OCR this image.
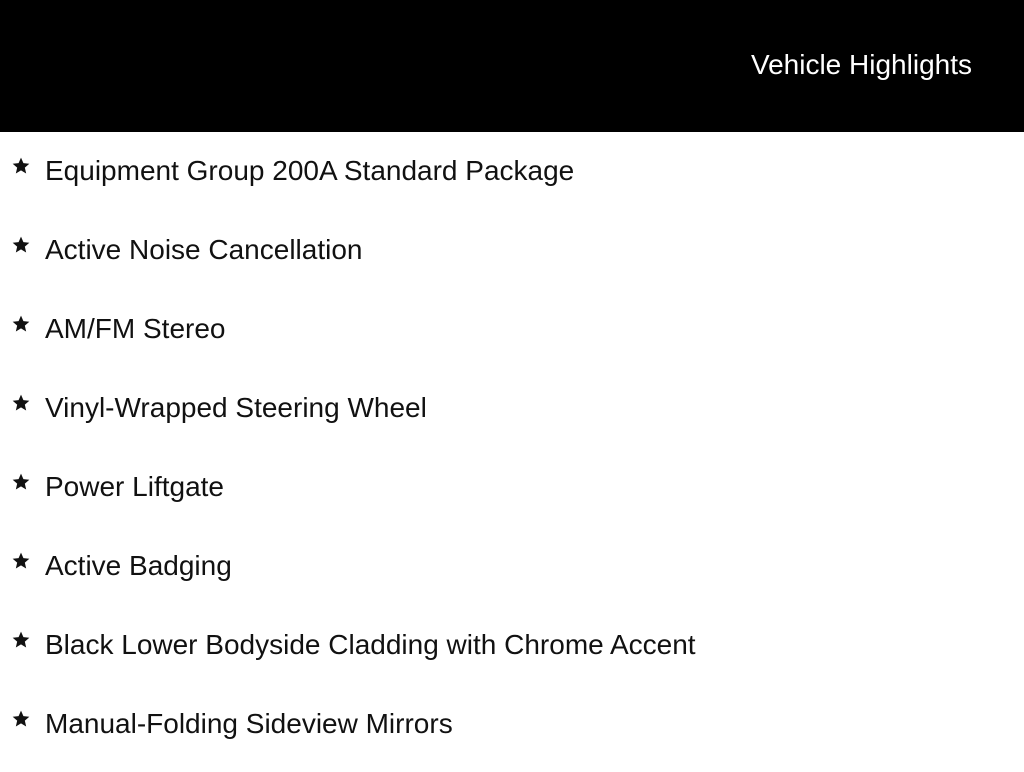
Vehicle Highlights
Equipment Group 200A Standard Package
Active Noise Cancellation
AM/FM Stereo
Vinyl-Wrapped Steering Wheel
Power Liftgate
Active Badging
Black Lower Bodyside Cladding with Chrome Accent
Manual-Folding Sideview Mirrors
